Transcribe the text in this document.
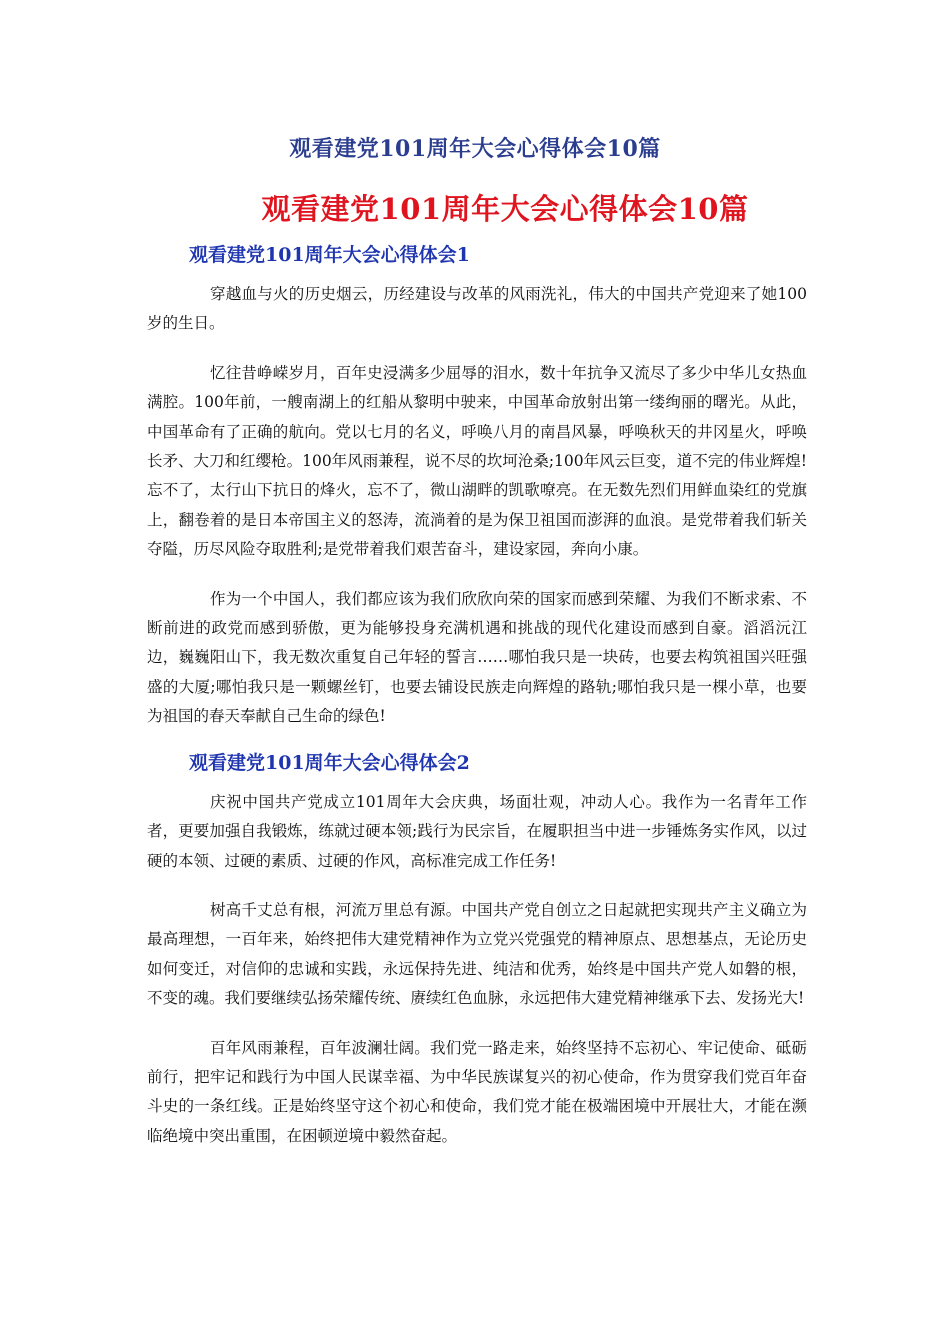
观看建党101周年大会心得体会10篇
观看建党101周年大会心得体会10篇
观看建党101周年大会心得体会1

穿越血与火的历史烟云，历经建设与改革的风雨洗礼，伟大的中国共产党迎来了她100岁的生日。

忆往昔峥嵘岁月，百年史浸满多少屈辱的泪水，数十年抗争又流尽了多少中华儿女热血满腔。100年前，一艘南湖上的红船从黎明中驶来，中国革命放射出第一缕绚丽的曙光。从此，中国革命有了正确的航向。党以七月的名义，呼唤八月的南昌风暴，呼唤秋天的井冈星火，呼唤长矛、大刀和红缨枪。100年风雨兼程，说不尽的坎坷沧桑;100年风云巨变，道不完的伟业辉煌!忘不了，太行山下抗日的烽火，忘不了，微山湖畔的凯歌嘹亮。在无数先烈们用鲜血染红的党旗上，翻卷着的是日本帝国主义的怒涛，流淌着的是为保卫祖国而澎湃的血浪。是党带着我们斩关夺隘，历尽风险夺取胜利;是党带着我们艰苦奋斗，建设家园，奔向小康。

作为一个中国人，我们都应该为我们欣欣向荣的国家而感到荣耀、为我们不断求索、不断前进的政党而感到骄傲，更为能够投身充满机遇和挑战的现代化建设而感到自豪。滔滔沅江边，巍巍阳山下，我无数次重复自己年轻的誓言……哪怕我只是一块砖，也要去构筑祖国兴旺强盛的大厦;哪怕我只是一颗螺丝钉，也要去铺设民族走向辉煌的路轨;哪怕我只是一棵小草，也要为祖国的春天奉献自己生命的绿色!

观看建党101周年大会心得体会2

庆祝中国共产党成立101周年大会庆典，场面壮观，冲动人心。我作为一名青年工作者，更要加强自我锻炼，练就过硬本领;践行为民宗旨，在履职担当中进一步锤炼务实作风，以过硬的本领、过硬的素质、过硬的作风，高标准完成工作任务!

树高千丈总有根，河流万里总有源。中国共产党自创立之日起就把实现共产主义确立为最高理想，一百年来，始终把伟大建党精神作为立党兴党强党的精神原点、思想基点，无论历史如何变迁，对信仰的忠诚和实践，永远保持先进、纯洁和优秀，始终是中国共产党人如磐的根，不变的魂。我们要继续弘扬荣耀传统、赓续红色血脉，永远把伟大建党精神继承下去、发扬光大!

百年风雨兼程，百年波澜壮阔。我们党一路走来，始终坚持不忘初心、牢记使命、砥砺前行，把牢记和践行为中国人民谋幸福、为中华民族谋复兴的初心使命，作为贯穿我们党百年奋斗史的一条红线。正是始终坚守这个初心和使命，我们党才能在极端困境中开展壮大，才能在濒临绝境中突出重围，在困顿逆境中毅然奋起。
